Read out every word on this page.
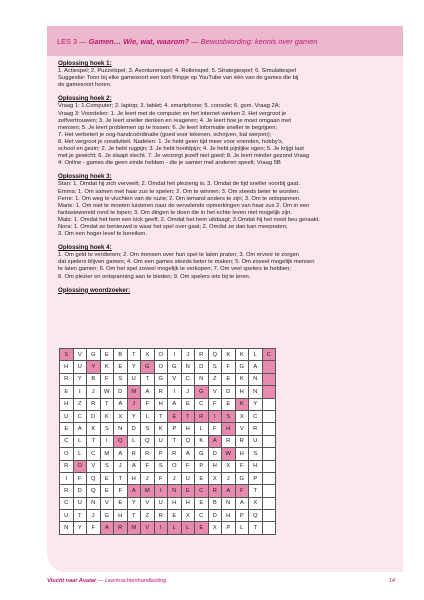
LES 3 — Gamen… Wie, wat, waarom? — Bewustwording: kennis over gamen
Oplossing hoek 1:

1. Actiespel; 2. Puzzelspel; 3. Avonturenspel; 4. Rollenspel; 5. Strategiespel; 6. Simulatiespel
Suggestie: Toon bij elke gamesoort een kort filmpje op YouTube van één van de games die bij
de gamesoort horen.

Oplossing hoek 2:

Vraag 1: 1.Computer; 2. laptop; 3. tablet; 4. smartphone; 5. console; 6. gsm. Vraag 2A;
Vraag 3: Voordelen: 1. Je leert met de computer en het internet werken 2. Het vergroot je
zelfvertrouwen; 3. Je leert sneller denken en reageren; 4. Je leert hoe je moet omgaan met
mensen; 5. Je leert problemen op te lossen; 6. Je leert informatie sneller te begrijpen;
7. Het verbetert je oog-handcoördinatie (goed voor tekenen, schrijven, bal werpen);
8. Het vergroot je creativiteit. Nadelen: 1. Je hebt geen tijd meer voor vrienden, hobby's,
school en gezin; 2. Je hebt rugpijn; 3. Je hebt hoofdpijn; 4. Je hebt pijnlijke ogen; 5. Je krijgt last
met je gewicht; 6. Je slaapt slecht. 7. Je verzorgt jezelf niet goed; 8. Je leert minder gezond Vraag
4: Online - games die geen einde hebben - die je samen met anderen speelt; Vraag 5B

Oplossing hoek 3:

Stan: 1. Omdat hij zich verveelt; 2. Omdat het plezierig is; 3. Omdat de tijd sneller voorbij gaat.
Emma: 1. Om samen met haar zus te spelen; 2. Om te winnen; 3. Om steeds beter te worden.
Ferre: 1. Om weg te vluchten van de ruzie; 2. Om iemand anders te zijn; 3. Om te ontspannen.
Marie: 1. Om niet te moeten luisteren naar de vervelende opmerkingen van haar zus 2. Om in een
fantasiewereld rond te lopen; 3. Om dingen te doen die in het echte leven niet mogelijk zijn.
Mats: 1. Omdat het hem een kick geeft; 2. Omdat het hem uitdaagt; 3.Omdat hij het nooit beu geraakt.
Nora: 1. Omdat ze benieuwd is waar het spel over gaat; 2. Omdat ze dan kan meepraten;
3. Om een hoger level te bereiken.

Oplossing hoek 4:

1. Om geld te verdienen; 2. Om mensen over hun spel te laten praten; 3. Om ervoor te zorgen
dat spelers blijven gamen; 4. Om een games steeds beter te maken; 5. Om zoveel mogelijk mensen
te laten gamen; 6. Om het spel zoveel mogelijk te verkopen; 7. Om veel spelers te hebben;
8. Om plezier en ontspanning aan te bieden; 9. Om spelers iets bij te leren.

Oplossing woordzoeker:
S	V	G	E	B	T	X	O	I	J	R	Q	K	K	L	C
H	U	Y	K	E	Y	G	O	G	N	D	S	F	G	A	
R	Y	B	F	S	U	T	G	V	C	N	Z	E	K	N	
E	I	J	W	D	M	A	R	I	J	G	V	D	H	N	
H	Z	R	T	A	J	F	H	A	E	C	F	E	K	Y	
U	C	D	K	X	Y	L	T	E	T	R	I	S	X	C	
E	A	K	S	N	D	S	K	P	H	L	F	H	V	R	
C	L	T	I	Q	L	Q	U	T	Q	K	A	R	R	U	
O	L	C	M	A	R	R	P	R	A	G	D	W	H	S	
R	O	V	S	J	A	F	S	O	F	P	H	X	F	H	
I	F	Q	E	T	H	J	F	J	U	E	X	J	G	P	
R	D	Q	E	F	A	M	I	N	E	C	R	A	F	T	
C	U	N	V	E	Y	V	U	H	H	E	B	N	A	X	
U	T	J	G	H	T	Z	R	E	X	C	D	H	P	Q	
N	Y	F	A	R	M	V	I	L	L	E	X	P	L	T	
Vlucht naar Avatar — Leerkrachtenhandleiding	14
